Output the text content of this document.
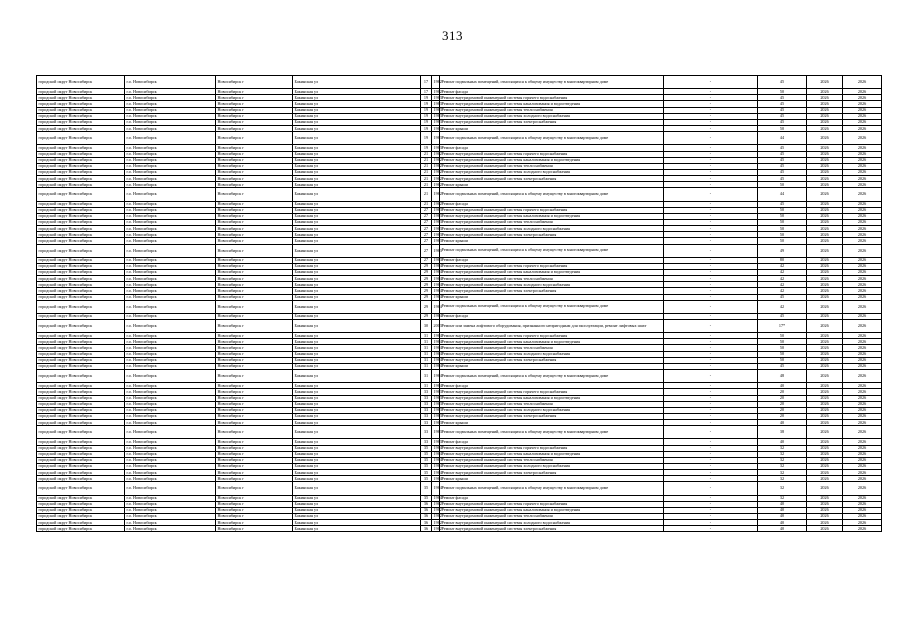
313
городской округ Новосибирск	г.о. Новосибирск	Новосибирск г	Бакинская ул	17	1962	Ремонт подвальных помещений, относящихся к общему имуществу в многоквартирном доме	-	45	2026	2026
городской округ Новосибирск	г.о. Новосибирск	Новосибирск г	Бакинская ул	17	1962	Ремонт фасада	-	50	2026	2026
городской округ Новосибирск	г.о. Новосибирск	Новосибирск г	Бакинская ул	19	1963	Ремонт внутридомовой инженерной системы горячего водоснабжения	-	45	2026	2026
городской округ Новосибирск	г.о. Новосибирск	Новосибирск г	Бакинская ул	19	1963	Ремонт внутридомовой инженерной системы канализования и водоотведения	-	45	2026	2026
городской округ Новосибирск	г.о. Новосибирск	Новосибирск г	Бакинская ул	19	1963	Ремонт внутридомовой инженерной системы теплоснабжения	-	45	2026	2026
городской округ Новосибирск	г.о. Новосибирск	Новосибирск г	Бакинская ул	19	1963	Ремонт внутридомовой инженерной системы холодного водоснабжения	-	45	2026	2026
городской округ Новосибирск	г.о. Новосибирск	Новосибирск г	Бакинская ул	19	1963	Ремонт внутридомовой инженерной системы электроснабжения	-	45	2026	2026
городской округ Новосибирск	г.о. Новосибирск	Новосибирск г	Бакинская ул	19	1963	Ремонт крыши	-	50	2026	2026
городской округ Новосибирск	г.о. Новосибирск	Новосибирск г	Бакинская ул	19	1963	Ремонт подвальных помещений, относящихся к общему имуществу в многоквартирном доме	-	44	2026	2026
городской округ Новосибирск	г.о. Новосибирск	Новосибирск г	Бакинская ул	19	1963	Ремонт фасада	-	45	2026	2026
городской округ Новосибирск	г.о. Новосибирск	Новосибирск г	Бакинская ул	21	1962	Ремонт внутридомовой инженерной системы горячего водоснабжения	-	45	2026	2026
городской округ Новосибирск	г.о. Новосибирск	Новосибирск г	Бакинская ул	21	1962	Ремонт внутридомовой инженерной системы канализования и водоотведения	-	45	2026	2026
городской округ Новосибирск	г.о. Новосибирск	Новосибирск г	Бакинская ул	21	1962	Ремонт внутридомовой инженерной системы теплоснабжения	-	45	2026	2026
городской округ Новосибирск	г.о. Новосибирск	Новосибирск г	Бакинская ул	21	1962	Ремонт внутридомовой инженерной системы холодного водоснабжения	-	45	2026	2026
городской округ Новосибирск	г.о. Новосибирск	Новосибирск г	Бакинская ул	21	1962	Ремонт внутридомовой инженерной системы электроснабжения	-	45	2026	2026
городской округ Новосибирск	г.о. Новосибирск	Новосибирск г	Бакинская ул	21	1962	Ремонт крыши	-	50	2026	2026
городской округ Новосибирск	г.о. Новосибирск	Новосибирск г	Бакинская ул	21	1962	Ремонт подвальных помещений, относящихся к общему имуществу в многоквартирном доме	-	44	2026	2026
городской округ Новосибирск	г.о. Новосибирск	Новосибирск г	Бакинская ул	21	1962	Ремонт фасада	-	45	2026	2026
городской округ Новосибирск	г.о. Новосибирск	Новосибирск г	Бакинская ул	27	1963	Ремонт внутридомовой инженерной системы горячего водоснабжения	-	50	2026	2026
городской округ Новосибирск	г.о. Новосибирск	Новосибирск г	Бакинская ул	27	1963	Ремонт внутридомовой инженерной системы канализования и водоотведения	-	50	2026	2026
городской округ Новосибирск	г.о. Новосибирск	Новосибирск г	Бакинская ул	27	1963	Ремонт внутридомовой инженерной системы теплоснабжения	-	50	2026	2026
городской округ Новосибирск	г.о. Новосибирск	Новосибирск г	Бакинская ул	27	1963	Ремонт внутридомовой инженерной системы холодного водоснабжения	-	50	2026	2026
городской округ Новосибирск	г.о. Новосибирск	Новосибирск г	Бакинская ул	27	1963	Ремонт внутридомовой инженерной системы электроснабжения	-	50	2026	2026
городской округ Новосибирск	г.о. Новосибирск	Новосибирск г	Бакинская ул	27	1963	Ремонт крыши	-	50	2026	2026
городской округ Новосибирск	г.о. Новосибирск	Новосибирск г	Бакинская ул	27	1963	Ремонт подвальных помещений, относящихся к общему имуществу в многоквартирном доме	-	49	2026	2026
городской округ Новосибирск	г.о. Новосибирск	Новосибирск г	Бакинская ул	27	1963	Ремонт фасада	-	80	2026	2026
городской округ Новосибирск	г.о. Новосибирск	Новосибирск г	Бакинская ул	29	1964	Ремонт внутридомовой инженерной системы горячего водоснабжения	-	42	2026	2026
городской округ Новосибирск	г.о. Новосибирск	Новосибирск г	Бакинская ул	29	1964	Ремонт внутридомовой инженерной системы канализования и водоотведения	-	42	2026	2026
городской округ Новосибирск	г.о. Новосибирск	Новосибирск г	Бакинская ул	29	1964	Ремонт внутридомовой инженерной системы теплоснабжения	-	42	2026	2026
городской округ Новосибирск	г.о. Новосибирск	Новосибирск г	Бакинская ул	29	1964	Ремонт внутридомовой инженерной системы холодного водоснабжения	-	42	2026	2026
городской округ Новосибирск	г.о. Новосибирск	Новосибирск г	Бакинская ул	29	1964	Ремонт внутридомовой инженерной системы электроснабжения	-	42	2026	2026
городской округ Новосибирск	г.о. Новосибирск	Новосибирск г	Бакинская ул	29	1964	Ремонт крыши	-	45	2026	2026
городской округ Новосибирск	г.о. Новосибирск	Новосибирск г	Бакинская ул	29	1964	Ремонт подвальных помещений, относящихся к общему имуществу в многоквартирном доме	-	42	2026	2026
городской округ Новосибирск	г.о. Новосибирск	Новосибирск г	Бакинская ул	29	1964	Ремонт фасада	-	45	2026	2026
городской округ Новосибирск	г.о. Новосибирск	Новосибирск г	Бакинская ул	30	2003	Ремонт или замена лифтового оборудования, признанного непригодным для эксплуатации, ремонт лифтовых шахт	-	17*	2026	2026
городской округ Новосибирск	г.о. Новосибирск	Новосибирск г	Бакинская ул	31	1964	Ремонт внутридомовой инженерной системы горячего водоснабжения	-	50	2026	2026
городской округ Новосибирск	г.о. Новосибирск	Новосибирск г	Бакинская ул	31	1964	Ремонт внутридомовой инженерной системы канализования и водоотведения	-	50	2026	2026
городской округ Новосибирск	г.о. Новосибирск	Новосибирск г	Бакинская ул	31	1964	Ремонт внутридомовой инженерной системы теплоснабжения	-	50	2026	2026
городской округ Новосибирск	г.о. Новосибирск	Новосибирск г	Бакинская ул	31	1964	Ремонт внутридомовой инженерной системы холодного водоснабжения	-	50	2026	2026
городской округ Новосибирск	г.о. Новосибирск	Новосибирск г	Бакинская ул	31	1964	Ремонт внутридомовой инженерной системы электроснабжения	-	50	2026	2026
городской округ Новосибирск	г.о. Новосибирск	Новосибирск г	Бакинская ул	31	1964	Ремонт крыши	-	45	2026	2026
городской округ Новосибирск	г.о. Новосибирск	Новосибирск г	Бакинская ул	31	1964	Ремонт подвальных помещений, относящихся к общему имуществу в многоквартирном доме	-	48	2026	2026
городской округ Новосибирск	г.о. Новосибирск	Новосибирск г	Бакинская ул	31	1964	Ремонт фасада	-	40	2026	2026
городской округ Новосибирск	г.о. Новосибирск	Новосибирск г	Бакинская ул	33	1963	Ремонт внутридомовой инженерной системы горячего водоснабжения	-	20	2026	2026
городской округ Новосибирск	г.о. Новосибирск	Новосибирск г	Бакинская ул	33	1963	Ремонт внутридомовой инженерной системы канализования и водоотведения	-	20	2026	2026
городской округ Новосибирск	г.о. Новосибирск	Новосибирск г	Бакинская ул	33	1963	Ремонт внутридомовой инженерной системы теплоснабжения	-	20	2026	2026
городской округ Новосибирск	г.о. Новосибирск	Новосибирск г	Бакинская ул	33	1963	Ремонт внутридомовой инженерной системы холодного водоснабжения	-	20	2026	2026
городской округ Новосибирск	г.о. Новосибирск	Новосибирск г	Бакинская ул	33	1963	Ремонт внутридомовой инженерной системы электроснабжения	-	20	2026	2026
городской округ Новосибирск	г.о. Новосибирск	Новосибирск г	Бакинская ул	33	1963	Ремонт крыши	-	40	2026	2026
городской округ Новосибирск	г.о. Новосибирск	Новосибирск г	Бакинская ул	33	1963	Ремонт подвальных помещений, относящихся к общему имуществу в многоквартирном доме	-	38	2026	2026
городской округ Новосибирск	г.о. Новосибирск	Новосибирск г	Бакинская ул	33	1963	Ремонт фасада	-	40	2026	2026
городской округ Новосибирск	г.о. Новосибирск	Новосибирск г	Бакинская ул	35	1964	Ремонт внутридомовой инженерной системы горячего водоснабжения	-	32	2026	2026
городской округ Новосибирск	г.о. Новосибирск	Новосибирск г	Бакинская ул	35	1964	Ремонт внутридомовой инженерной системы канализования и водоотведения	-	32	2026	2026
городской округ Новосибирск	г.о. Новосибирск	Новосибирск г	Бакинская ул	35	1964	Ремонт внутридомовой инженерной системы теплоснабжения	-	32	2026	2026
городской округ Новосибирск	г.о. Новосибирск	Новосибирск г	Бакинская ул	35	1964	Ремонт внутридомовой инженерной системы холодного водоснабжения	-	32	2026	2026
городской округ Новосибирск	г.о. Новосибирск	Новосибирск г	Бакинская ул	35	1964	Ремонт внутридомовой инженерной системы электроснабжения	-	32	2026	2026
городской округ Новосибирск	г.о. Новосибирск	Новосибирск г	Бакинская ул	35	1964	Ремонт крыши	-	32	2026	2026
городской округ Новосибирск	г.о. Новосибирск	Новосибирск г	Бакинская ул	35	1964	Ремонт подвальных помещений, относящихся к общему имуществу в многоквартирном доме	-	32	2026	2026
городской округ Новосибирск	г.о. Новосибирск	Новосибирск г	Бакинская ул	35	1964	Ремонт фасада	-	32	2026	2026
городской округ Новосибирск	г.о. Новосибирск	Новосибирск г	Бакинская ул	36	1962	Ремонт внутридомовой инженерной системы горячего водоснабжения	-	40	2026	2026
городской округ Новосибирск	г.о. Новосибирск	Новосибирск г	Бакинская ул	36	1962	Ремонт внутридомовой инженерной системы канализования и водоотведения	-	40	2026	2026
городской округ Новосибирск	г.о. Новосибирск	Новосибирск г	Бакинская ул	36	1962	Ремонт внутридомовой инженерной системы теплоснабжения	-	40	2026	2026
городской округ Новосибирск	г.о. Новосибирск	Новосибирск г	Бакинская ул	36	1962	Ремонт внутридомовой инженерной системы холодного водоснабжения	-	40	2026	2026
городской округ Новосибирск	г.о. Новосибирск	Новосибирск г	Бакинская ул	36	1962	Ремонт внутридомовой инженерной системы электроснабжения	-	40	2026	2026
